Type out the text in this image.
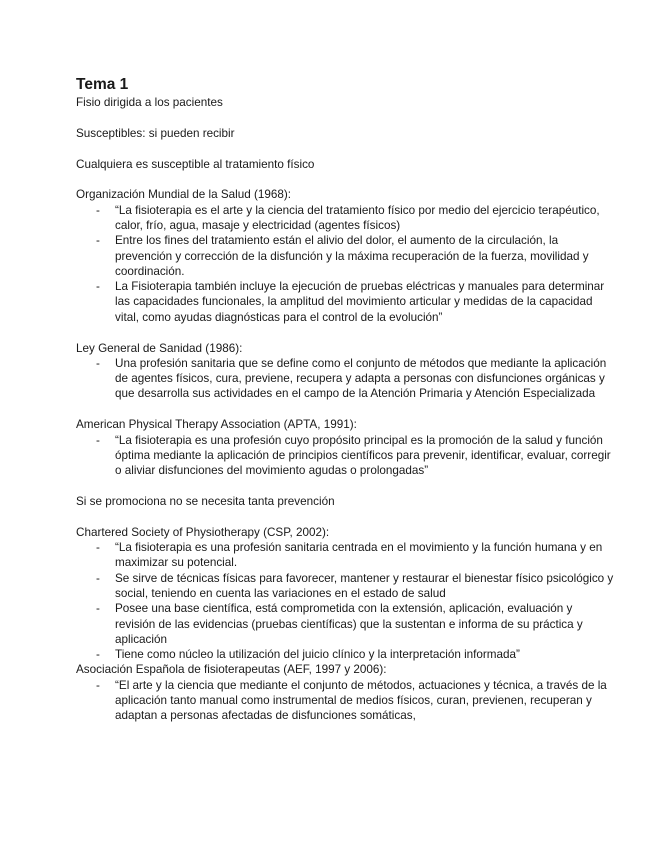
Tema 1

Fisio dirigida a los pacientes

Susceptibles: si pueden recibir

Cualquiera es susceptible al tratamiento físico

Organización Mundial de la Salud (1968):

- “La fisioterapia es el arte y la ciencia del tratamiento físico por medio del ejercicio terapéutico, calor, frío, agua, masaje y electricidad (agentes físicos)
- Entre los fines del tratamiento están el alivio del dolor, el aumento de la circulación, la prevención y corrección de la disfunción y la máxima recuperación de la fuerza, movilidad y coordinación.
- La Fisioterapia también incluye la ejecución de pruebas eléctricas y manuales para determinar las capacidades funcionales, la amplitud del movimiento articular y medidas de la capacidad vital, como ayudas diagnósticas para el control de la evolución”

Ley General de Sanidad (1986):

- Una profesión sanitaria que se define como el conjunto de métodos que mediante la aplicación de agentes físicos, cura, previene, recupera y adapta a personas con disfunciones orgánicas y que desarrolla sus actividades en el campo de la Atención Primaria y Atención Especializada

American Physical Therapy Association (APTA, 1991):

- “La fisioterapia es una profesión cuyo propósito principal es la promoción de la salud y función óptima mediante la aplicación de principios científicos para prevenir, identificar, evaluar, corregir o aliviar disfunciones del movimiento agudas o prolongadas”

Si se promociona no se necesita tanta prevención

Chartered Society of Physiotherapy (CSP, 2002):

- “La fisioterapia es una profesión sanitaria centrada en el movimiento y la función humana y en maximizar su potencial.
- Se sirve de técnicas físicas para favorecer, mantener y restaurar el bienestar físico psicológico y social, teniendo en cuenta las variaciones en el estado de salud
- Posee una base científica, está comprometida con la extensión, aplicación, evaluación y revisión de las evidencias (pruebas científicas) que la sustentan e informa de su práctica y aplicación
- Tiene como núcleo la utilización del juicio clínico y la interpretación informada”

Asociación Española de fisioterapeutas (AEF, 1997 y 2006):

- “El arte y la ciencia que mediante el conjunto de métodos, actuaciones y técnica, a través de la aplicación tanto manual como instrumental de medios físicos, curan, previenen, recuperan y adaptan a personas afectadas de disfunciones somáticas,
